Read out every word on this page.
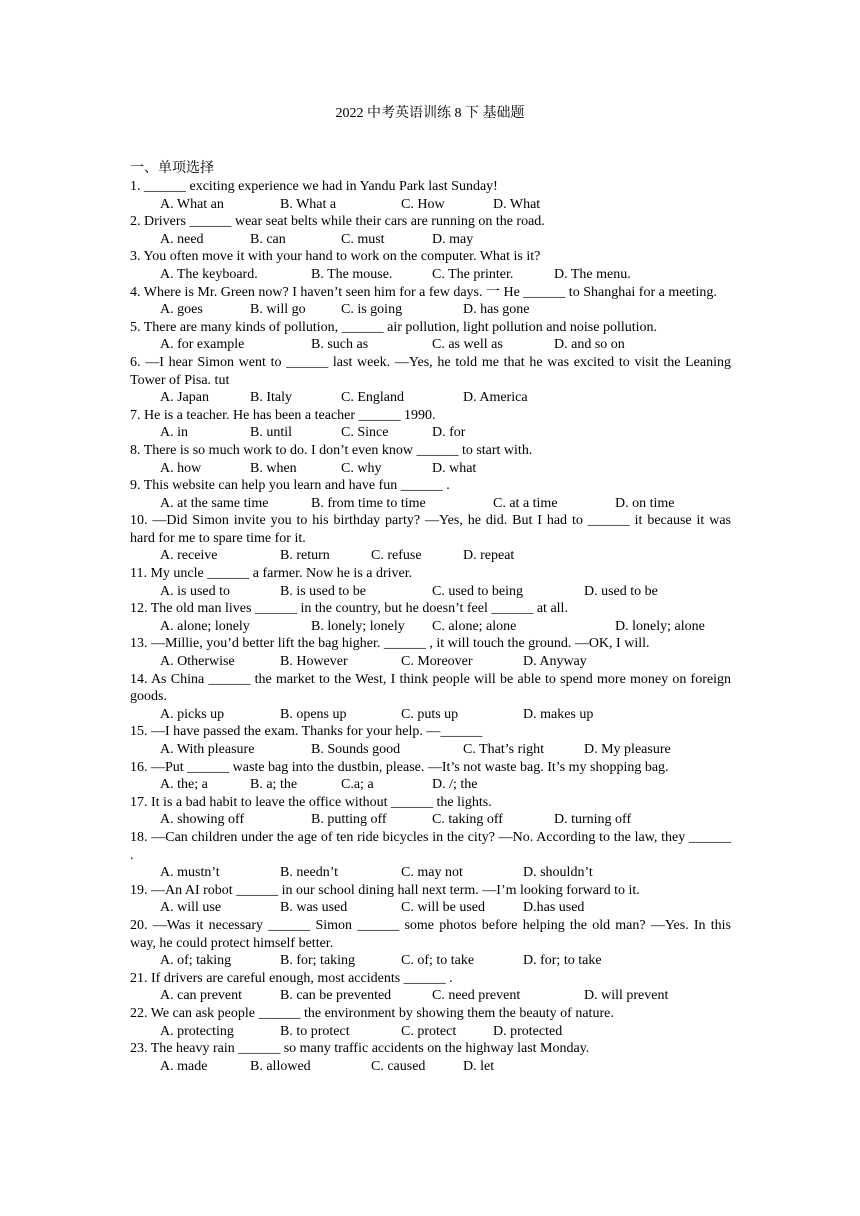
2022 中考英语训练 8 下 基础题
一、单项选择
1. ______ exciting experience we had in Yandu Park last Sunday!
A. What an	B. What a	C. How	D. What
2. Drivers ______ wear seat belts while their cars are running on the road.
A. need	B. can	C. must	D. may
3. You often move it with your hand to work on the computer. What is it?
A. The keyboard.	B. The mouse.	C. The printer.	D. The menu.
4. Where is Mr. Green now? I haven’t seen him for a few days. 一 He ______ to Shanghai for a meeting.
A. goes	B. will go	C. is going	D. has gone
5. There are many kinds of pollution, ______ air pollution, light pollution and noise pollution.
A. for example	B. such as	C. as well as	D. and so on
6. —I hear Simon went to ______ last week. —Yes, he told me that he was excited to visit the Leaning Tower of Pisa. tut
A. Japan	B. Italy	C. England	D. America
7. He is a teacher. He has been a teacher ______ 1990.
A. in	B. until	C. Since	D. for
8. There is so much work to do. I don’t even know ______ to start with.
A. how	B. when	C. why	D. what
9. This website can help you learn and have fun ______ .
A. at the same time	B. from time to time	C. at a time	D. on time
10. —Did Simon invite you to his birthday party? —Yes, he did. But I had to ______ it because it was hard for me to spare time for it.
A. receive	B. return	C. refuse	D. repeat
11. My uncle ______ a farmer. Now he is a driver.
A. is used to	B. is used to be	C. used to being	D. used to be
12. The old man lives ______ in the country, but he doesn’t feel ______ at all.
A. alone; lonely	B. lonely; lonely C. alone; alone	D. lonely; alone
13. —Millie, you’d better lift the bag higher. ______ , it will touch the ground. —OK, I will.
A. Otherwise	B. However	C. Moreover	D. Anyway
14. As China ______ the market to the West, I think people will be able to spend more money on foreign goods.
A. picks up	B. opens up	C. puts up	D. makes up
15. —I have passed the exam. Thanks for your help. —______
A. With pleasure	B. Sounds good	C. That’s right	D. My pleasure
16. —Put ______ waste bag into the dustbin, please. —It’s not waste bag. It’s my shopping bag.
A. the; a	B. a; the	C.a; a	D. /; the
17. It is a bad habit to leave the office without ______ the lights.
A. showing off	B. putting off	C. taking off	D. turning off
18. —Can children under the age of ten ride bicycles in the city? —No. According to the law, they ______ .
A. mustn’t	B. needn’t	C. may not	D. shouldn’t
19. —An AI robot ______ in our school dining hall next term. —I’m looking forward to it.
A. will use	B. was used	C. will be used	D.has used
20. —Was it necessary ______ Simon ______ some photos before helping the old man? —Yes. In this way, he could protect himself better.
A. of; taking	B. for; taking	C. of; to take	D. for; to take
21. If drivers are careful enough, most accidents ______ .
A. can prevent	B. can be prevented	C. need prevent	D. will prevent
22. We can ask people ______ the environment by showing them the beauty of nature.
A. protecting	B. to protect	C. protect	D. protected
23. The heavy rain ______ so many traffic accidents on the highway last Monday.
A. made	B. allowed	C. caused	D. let
